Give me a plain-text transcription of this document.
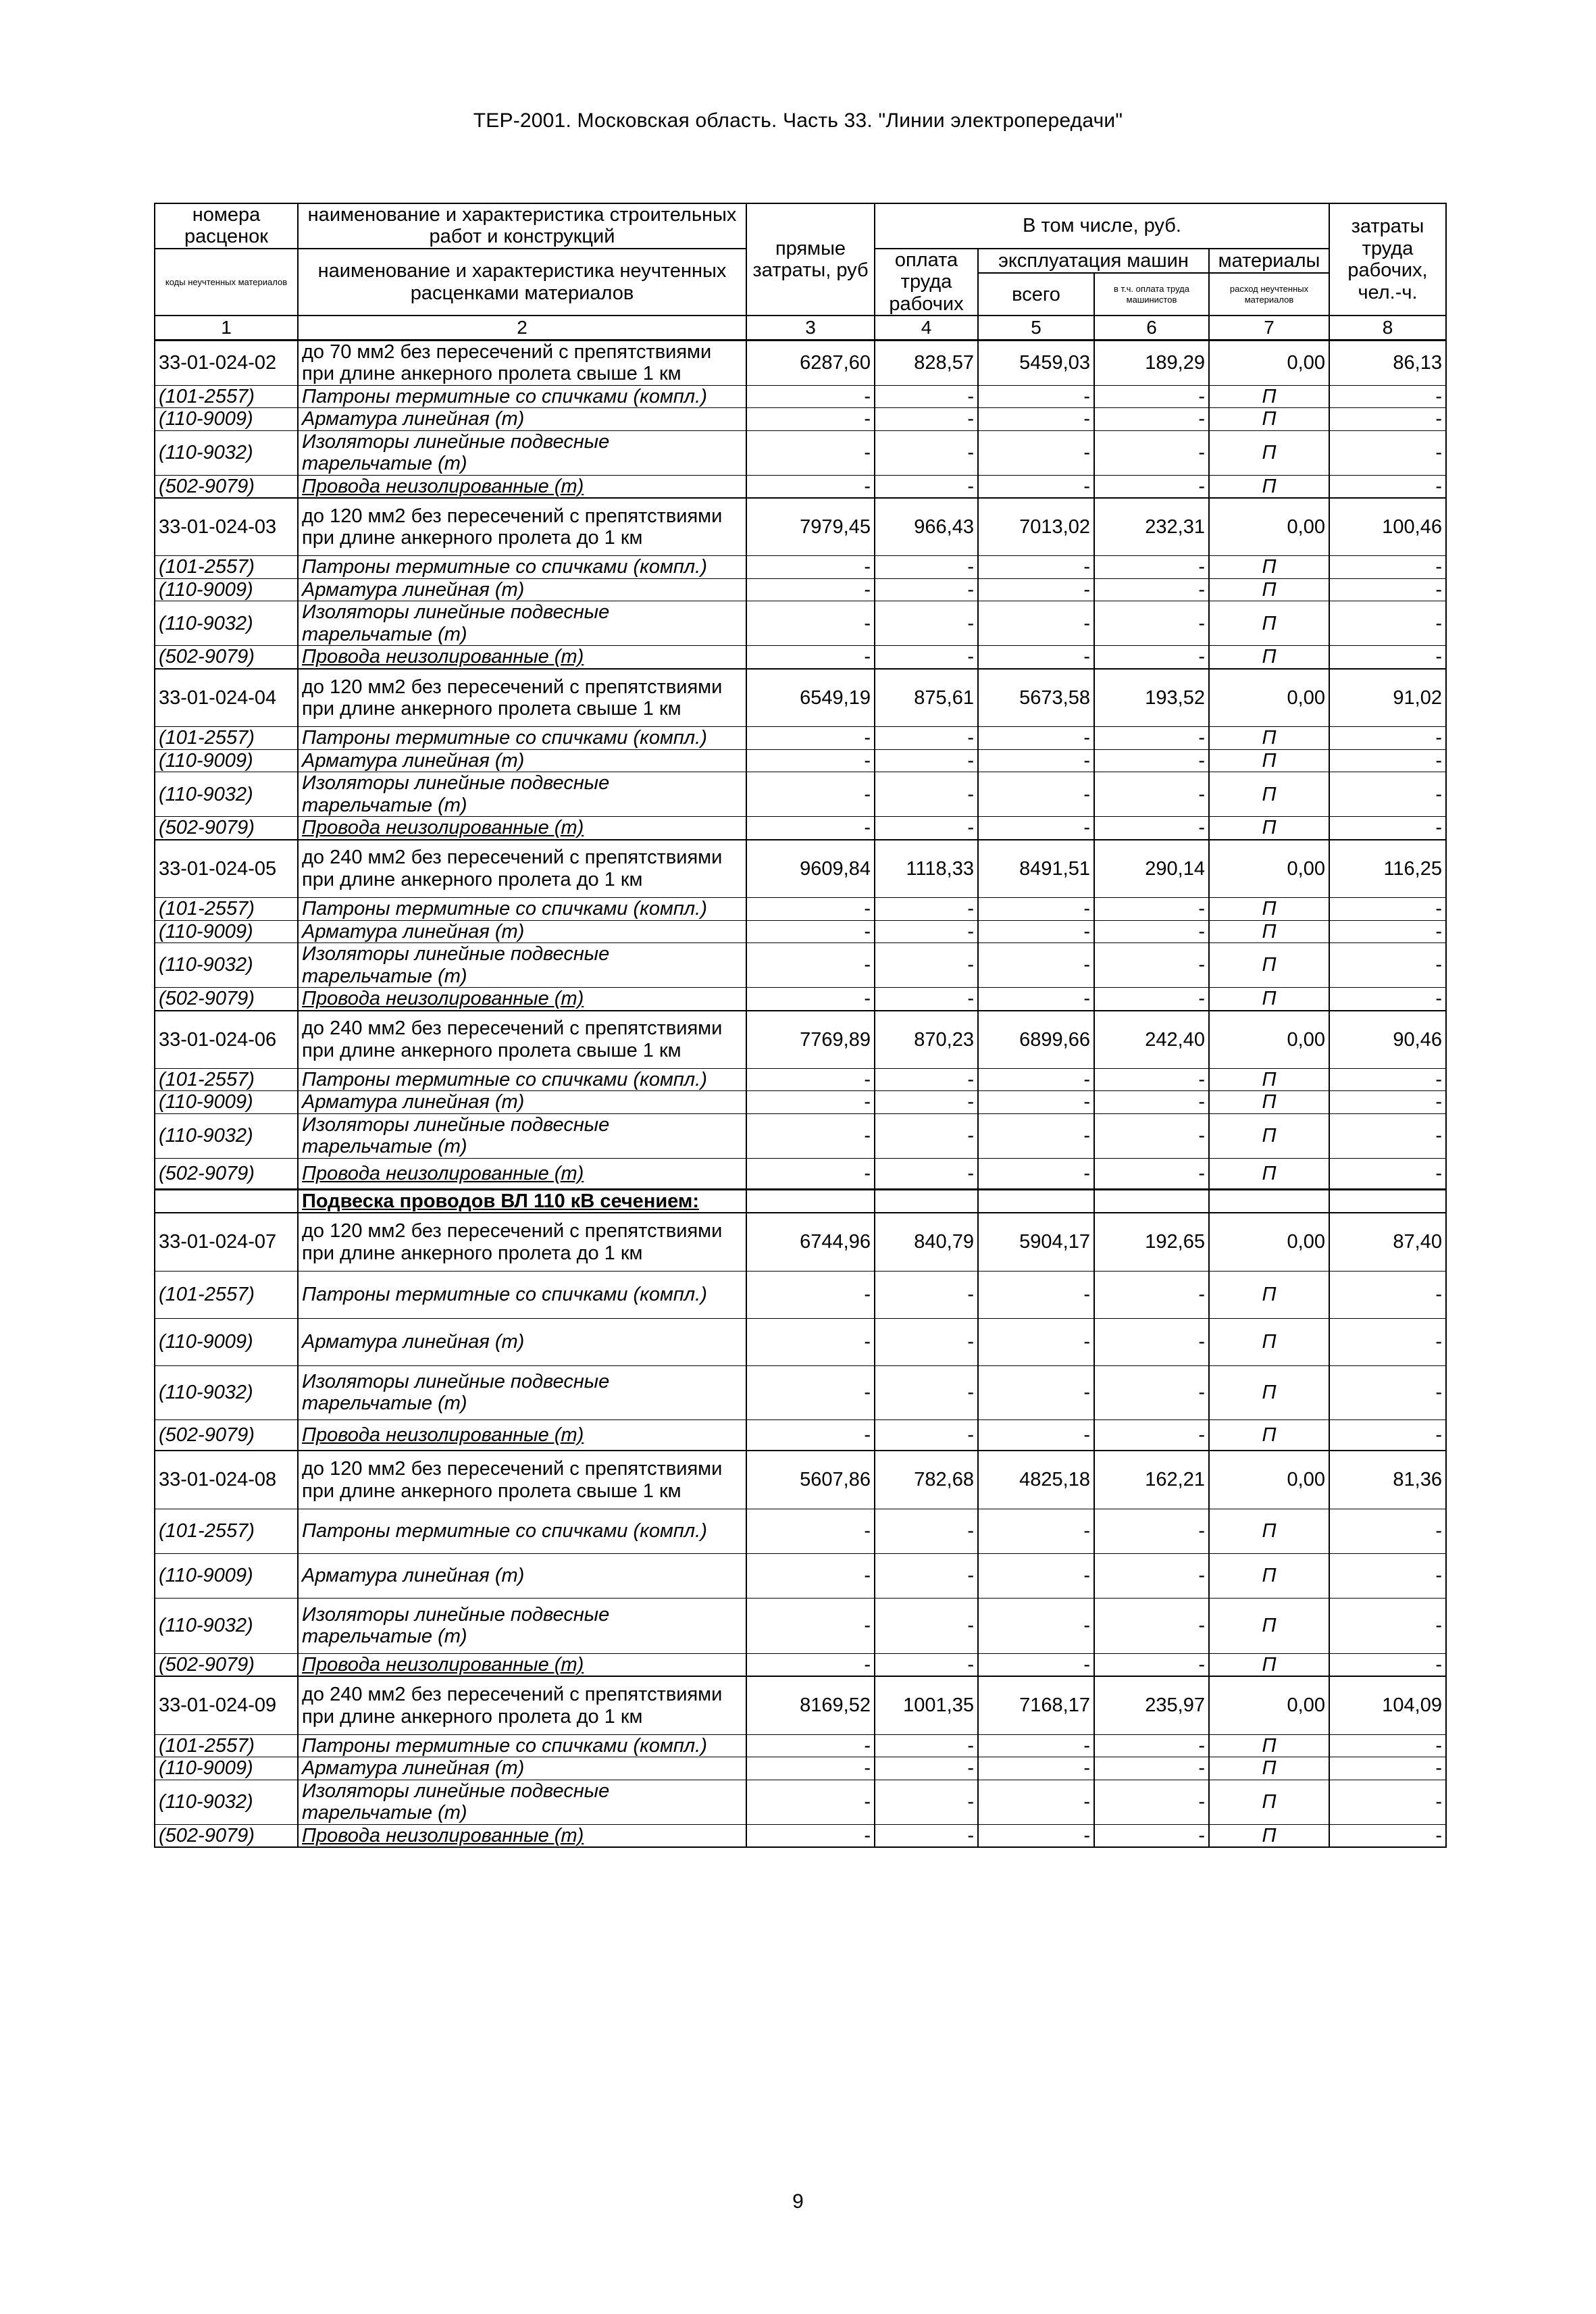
ТЕР-2001. Московская область. Часть 33. "Линии электропередачи"
номера расценок	наименование и характеристика строительных работ и конструкций	прямые затраты, руб	В том числе, руб.				затраты труда рабочих, чел.-ч.
коды неучтенных материалов	наименование и характеристика неучтенных расценками материалов		оплата труда рабочих	эксплуатация машин		материалы	
				всего	в т.ч. оплата труда машинистов	расход неучтенных материалов	
1	2	3	4	5	6	7	8
33-01-024-02	до 70 мм2 без пересечений с препятствиями при длине анкерного пролета свыше 1 км	6287,60	828,57	5459,03	189,29	0,00	86,13
(101-2557)	Патроны термитные со спичками (компл.)	-	-	-	-	П	-
(110-9009)	Арматура линейная (т)	-	-	-	-	П	-
(110-9032)	Изоляторы линейные подвесные тарельчатые (т)	-	-	-	-	П	-
(502-9079)	Провода неизолированные (т)	-	-	-	-	П	-
33-01-024-03	до 120 мм2 без пересечений с препятствиями при длине анкерного пролета до 1 км	7979,45	966,43	7013,02	232,31	0,00	100,46
(101-2557)	Патроны термитные со спичками (компл.)	-	-	-	-	П	-
(110-9009)	Арматура линейная (т)	-	-	-	-	П	-
(110-9032)	Изоляторы линейные подвесные тарельчатые (т)	-	-	-	-	П	-
(502-9079)	Провода неизолированные (т)	-	-	-	-	П	-
33-01-024-04	до 120 мм2 без пересечений с препятствиями при длине анкерного пролета свыше 1 км	6549,19	875,61	5673,58	193,52	0,00	91,02
(101-2557)	Патроны термитные со спичками (компл.)	-	-	-	-	П	-
(110-9009)	Арматура линейная (т)	-	-	-	-	П	-
(110-9032)	Изоляторы линейные подвесные тарельчатые (т)	-	-	-	-	П	-
(502-9079)	Провода неизолированные (т)	-	-	-	-	П	-
33-01-024-05	до 240 мм2 без пересечений с препятствиями при длине анкерного пролета до 1 км	9609,84	1118,33	8491,51	290,14	0,00	116,25
(101-2557)	Патроны термитные со спичками (компл.)	-	-	-	-	П	-
(110-9009)	Арматура линейная (т)	-	-	-	-	П	-
(110-9032)	Изоляторы линейные подвесные тарельчатые (т)	-	-	-	-	П	-
(502-9079)	Провода неизолированные (т)	-	-	-	-	П	-
33-01-024-06	до 240 мм2 без пересечений с препятствиями при длине анкерного пролета свыше 1 км	7769,89	870,23	6899,66	242,40	0,00	90,46
(101-2557)	Патроны термитные со спичками (компл.)	-	-	-	-	П	-
(110-9009)	Арматура линейная (т)	-	-	-	-	П	-
(110-9032)	Изоляторы линейные подвесные тарельчатые (т)	-	-	-	-	П	-
(502-9079)	Провода неизолированные (т)	-	-	-	-	П	-
	Подвеска проводов ВЛ 110 кВ сечением:						
33-01-024-07	до 120 мм2 без пересечений с препятствиями при длине анкерного пролета до 1 км	6744,96	840,79	5904,17	192,65	0,00	87,40
(101-2557)	Патроны термитные со спичками (компл.)	-	-	-	-	П	-
(110-9009)	Арматура линейная (т)	-	-	-	-	П	-
(110-9032)	Изоляторы линейные подвесные тарельчатые (т)	-	-	-	-	П	-
(502-9079)	Провода неизолированные (т)	-	-	-	-	П	-
33-01-024-08	до 120 мм2 без пересечений с препятствиями при длине анкерного пролета свыше 1 км	5607,86	782,68	4825,18	162,21	0,00	81,36
(101-2557)	Патроны термитные со спичками (компл.)	-	-	-	-	П	-
(110-9009)	Арматура линейная (т)	-	-	-	-	П	-
(110-9032)	Изоляторы линейные подвесные тарельчатые (т)	-	-	-	-	П	-
(502-9079)	Провода неизолированные (т)	-	-	-	-	П	-
33-01-024-09	до 240 мм2 без пересечений с препятствиями при длине анкерного пролета до 1 км	8169,52	1001,35	7168,17	235,97	0,00	104,09
(101-2557)	Патроны термитные со спичками (компл.)	-	-	-	-	П	-
(110-9009)	Арматура линейная (т)	-	-	-	-	П	-
(110-9032)	Изоляторы линейные подвесные тарельчатые (т)	-	-	-	-	П	-
(502-9079)	Провода неизолированные (т)	-	-	-	-	П	-
9
